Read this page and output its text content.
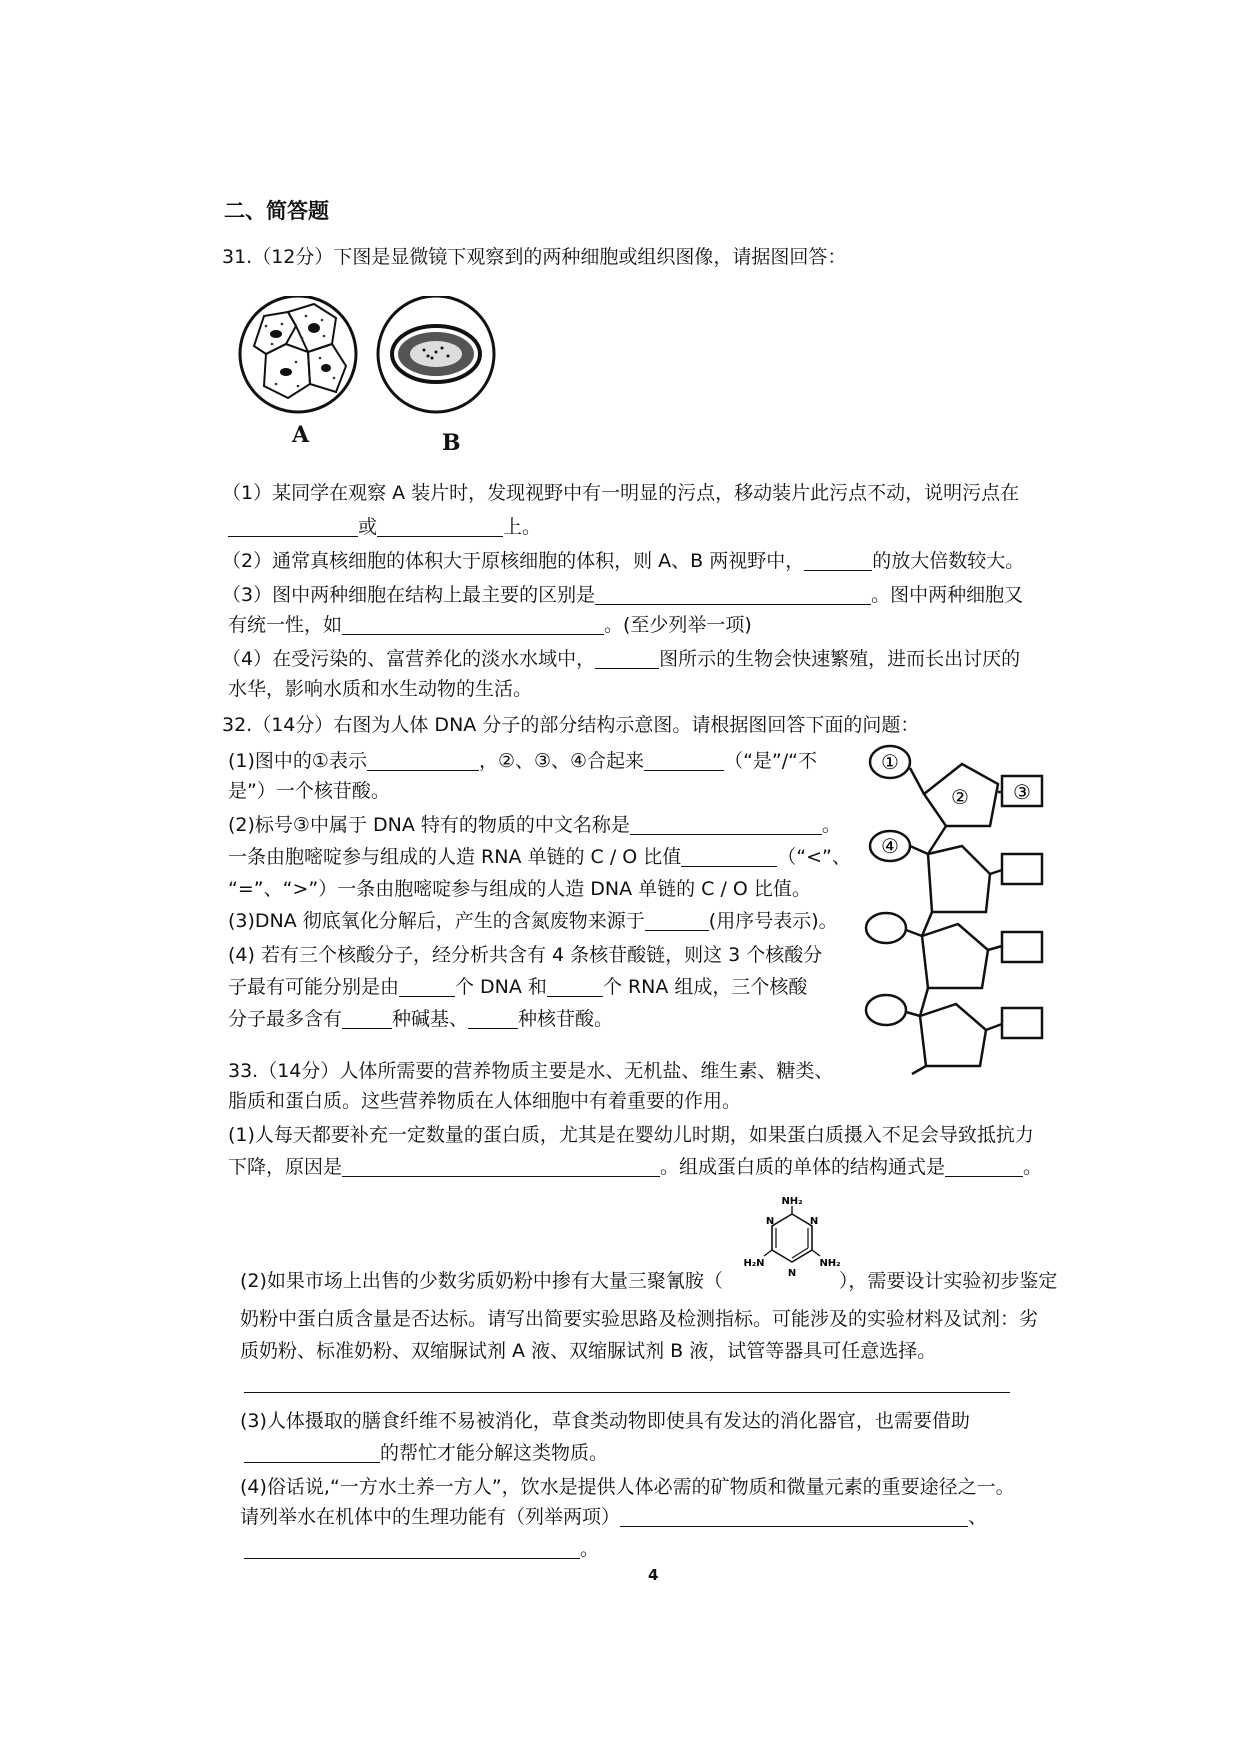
二、简答题
31.（12分）下图是显微镜下观察到的两种细胞或组织图像，请据图回答：
A	B
（1）某同学在观察 A 装片时，发现视野中有一明显的污点，移动装片此污点不动，说明污点在
或	上。
（2）通常真核细胞的体积大于原核细胞的体积，则 A、B 两视野中，	的放大倍数较大。
（3）图中两种细胞在结构上最主要的区别是	。图中两种细胞又
有统一性，如	。(至少列举一项)
（4）在受污染的、富营养化的淡水水域中，	图所示的生物会快速繁殖，进而长出讨厌的
水华，影响水质和水生动物的生活。
32.（14分）右图为人体 DNA 分子的部分结构示意图。请根据图回答下面的问题：
(1)图中的①表示	，②、③、④合起来	（“是”/“不
是”）一个核苷酸。
(2)标号③中属于 DNA 特有的物质的中文名称是	。
一条由胞嘧啶参与组成的人造 RNA 单链的 C / O 比值	（“<”、
“=”、“>”）一条由胞嘧啶参与组成的人造 DNA 单链的 C / O 比值。
(3)DNA 彻底氧化分解后，产生的含氮废物来源于	(用序号表示)。
(4) 若有三个核酸分子，经分析共含有 4 条核苷酸链，则这 3 个核酸分
子最有可能分别是由	个 DNA 和	个 RNA 组成，三个核酸
分子最多含有	种碱基、	种核苷酸。
①
② ③
④
33.（14分）人体所需要的营养物质主要是水、无机盐、维生素、糖类、
脂质和蛋白质。这些营养物质在人体细胞中有着重要的作用。
(1)人每天都要补充一定数量的蛋白质，尤其是在婴幼儿时期，如果蛋白质摄入不足会导致抵抗力
下降，原因是	。组成蛋白质的单体的结构通式是	。
NH₂
H₂N	NH₂
N	N
N
(2)如果市场上出售的少数劣质奶粉中掺有大量三聚氰胺（	），需要设计实验初步鉴定
奶粉中蛋白质含量是否达标。请写出简要实验思路及检测指标。可能涉及的实验材料及试剂：劣
质奶粉、标准奶粉、双缩脲试剂 A 液、双缩脲试剂 B 液，试管等器具可任意选择。
(3)人体摄取的膳食纤维不易被消化，草食类动物即使具有发达的消化器官，也需要借助
的帮忙才能分解这类物质。
(4)俗话说,“一方水土养一方人”，饮水是提供人体必需的矿物质和微量元素的重要途径之一。
请列举水在机体中的生理功能有（列举两项）	、
。
4
